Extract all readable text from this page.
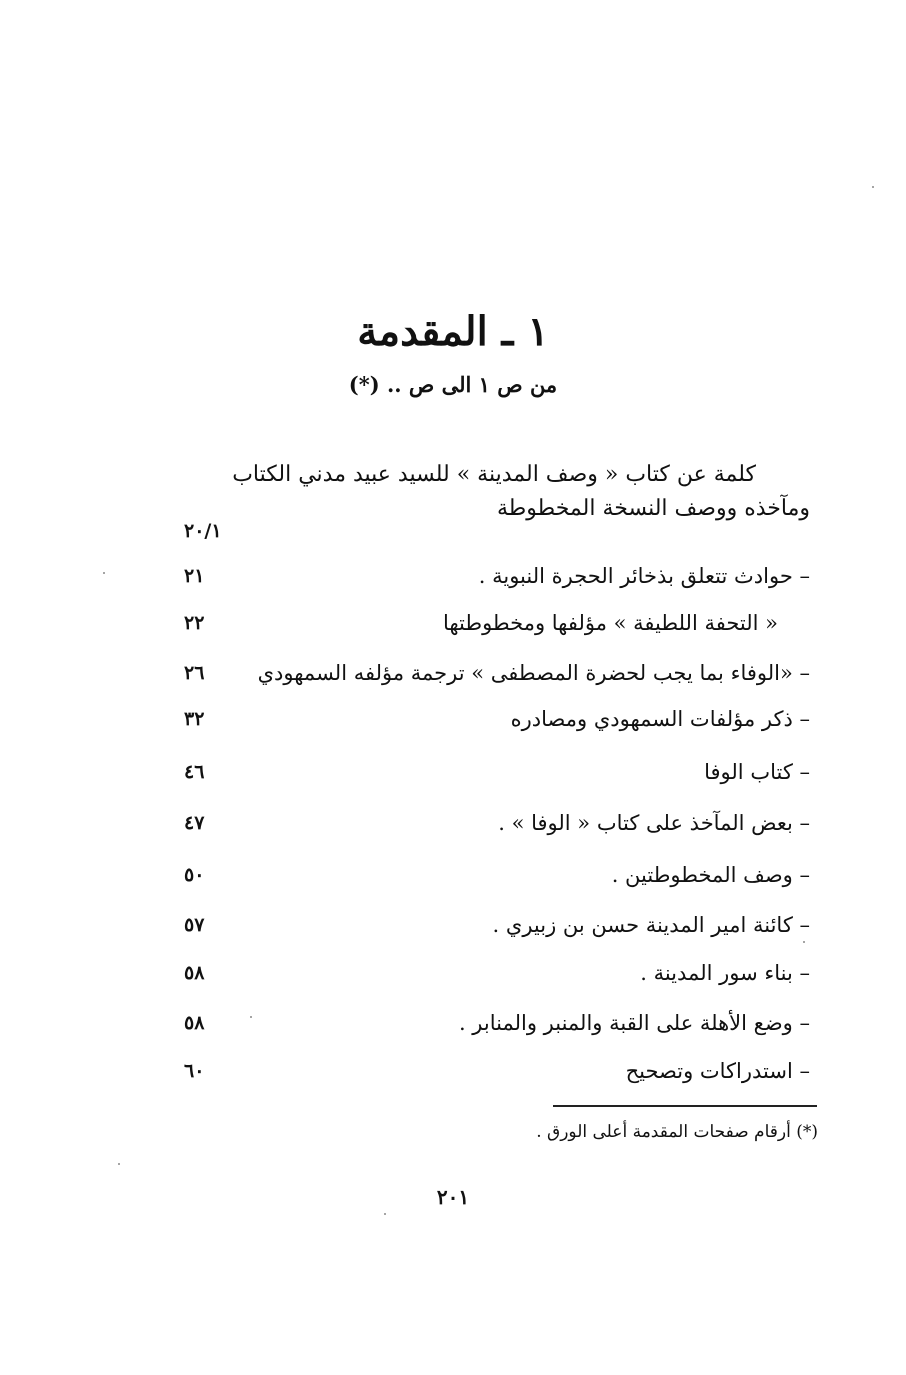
١ ـ المقدمة
من ص ١ الى ص .. (*)
كلمة عن كتاب « وصف المدينة » للسيد عبيد مدني الكتاب
ومآخذه ووصف النسخة المخطوطة
٢٠/١
– حوادث تتعلق بذخائر الحجرة النبوية .
٢١
« التحفة اللطيفة » مؤلفها ومخطوطتها
٢٢
– «الوفاء بما يجب لحضرة المصطفى » ترجمة مؤلفه السمهودي
٢٦
– ذكر مؤلفات السمهودي ومصادره
٣٢
– كتاب الوفا
٤٦
– بعض المآخذ على كتاب « الوفا » .
٤٧
– وصف المخطوطتين .
٥٠
– كائنة امير المدينة حسن بن زبيري .
٥٧
– بناء سور المدينة .
٥٨
– وضع الأهلة على القبة والمنبر والمنابر .
٥٨
– استدراكات وتصحيح
٦٠
(*) أرقام صفحات المقدمة أعلى الورق .
٢٠١
